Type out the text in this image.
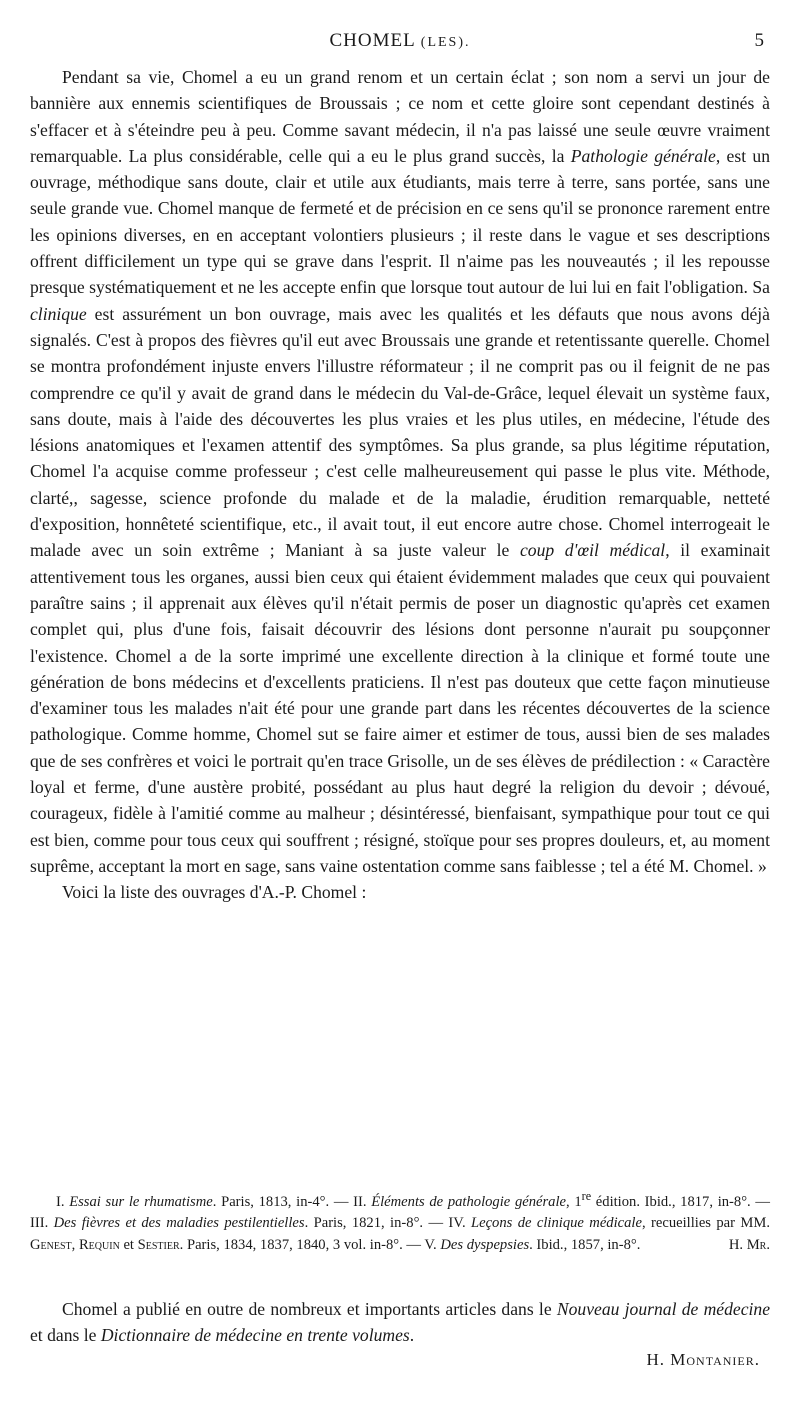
CHOMEL (LES).	5

Pendant sa vie, Chomel a eu un grand renom et un certain éclat ; son nom a servi un jour de bannière aux ennemis scientifiques de Broussais ; ce nom et cette gloire sont cependant destinés à s'effacer et à s'éteindre peu à peu. Comme savant médecin, il n'a pas laissé une seule œuvre vraiment remarquable. La plus considérable, celle qui a eu le plus grand succès, la Pathologie générale, est un ouvrage, méthodique sans doute, clair et utile aux étudiants, mais terre à terre, sans portée, sans une seule grande vue. Chomel manque de fermeté et de précision en ce sens qu'il se prononce rarement entre les opinions diverses, en en acceptant volontiers plusieurs ; il reste dans le vague et ses descriptions offrent difficilement un type qui se grave dans l'esprit. Il n'aime pas les nouveautés ; il les repousse presque systématiquement et ne les accepte enfin que lorsque tout autour de lui lui en fait l'obligation. Sa clinique est assurément un bon ouvrage, mais avec les qualités et les défauts que nous avons déjà signalés. C'est à propos des fièvres qu'il eut avec Broussais une grande et retentissante querelle. Chomel se montra profondément injuste envers l'illustre réformateur ; il ne comprit pas ou il feignit de ne pas comprendre ce qu'il y avait de grand dans le médecin du Val-de-Grâce, lequel élevait un système faux, sans doute, mais à l'aide des découvertes les plus vraies et les plus utiles, en médecine, l'étude des lésions anatomiques et l'examen attentif des symptômes. Sa plus grande, sa plus légitime réputation, Chomel l'a acquise comme professeur ; c'est celle malheureusement qui passe le plus vite. Méthode, clarté,, sagesse, science profonde du malade et de la maladie, érudition remarquable, netteté d'exposition, honnêteté scientifique, etc., il avait tout, il eut encore autre chose. Chomel interrogeait le malade avec un soin extrême ; Maniant à sa juste valeur le coup d'œil médical, il examinait attentivement tous les organes, aussi bien ceux qui étaient évidemment malades que ceux qui pouvaient paraître sains ; il apprenait aux élèves qu'il n'était permis de poser un diagnostic qu'après cet examen complet qui, plus d'une fois, faisait découvrir des lésions dont personne n'aurait pu soupçonner l'existence. Chomel a de la sorte imprimé une excellente direction à la clinique et formé toute une génération de bons médecins et d'excellents praticiens. Il n'est pas douteux que cette façon minutieuse d'examiner tous les malades n'ait été pour une grande part dans les récentes découvertes de la science pathologique. Comme homme, Chomel sut se faire aimer et estimer de tous, aussi bien de ses malades que de ses confrères et voici le portrait qu'en trace Grisolle, un de ses élèves de prédilection : « Caractère loyal et ferme, d'une austère probité, possédant au plus haut degré la religion du devoir ; dévoué, courageux, fidèle à l'amitié comme au malheur ; désintéressé, bienfaisant, sympathique pour tout ce qui est bien, comme pour tous ceux qui souffrent ; résigné, stoïque pour ses propres douleurs, et, au moment suprême, acceptant la mort en sage, sans vaine ostentation comme sans faiblesse ; tel a été M. Chomel. »

Voici la liste des ouvrages d'A.-P. Chomel :

I. Essai sur le rhumatisme. Paris, 1813, in-4°. — II. Éléments de pathologie générale, 1re édition. Ibid., 1817, in-8°. — III. Des fièvres et des maladies pestilentielles. Paris, 1821, in-8°. — IV. Leçons de clinique médicale, recueillies par MM. Genest, Requin et Sestier. Paris, 1834, 1837, 1840, 3 vol. in-8°. — V. Des dyspepsies. Ibid., 1857, in-8°.	H. Mr.

Chomel a publié en outre de nombreux et importants articles dans le Nouveau journal de médecine et dans le Dictionnaire de médecine en trente volumes.

H. Montanier.
